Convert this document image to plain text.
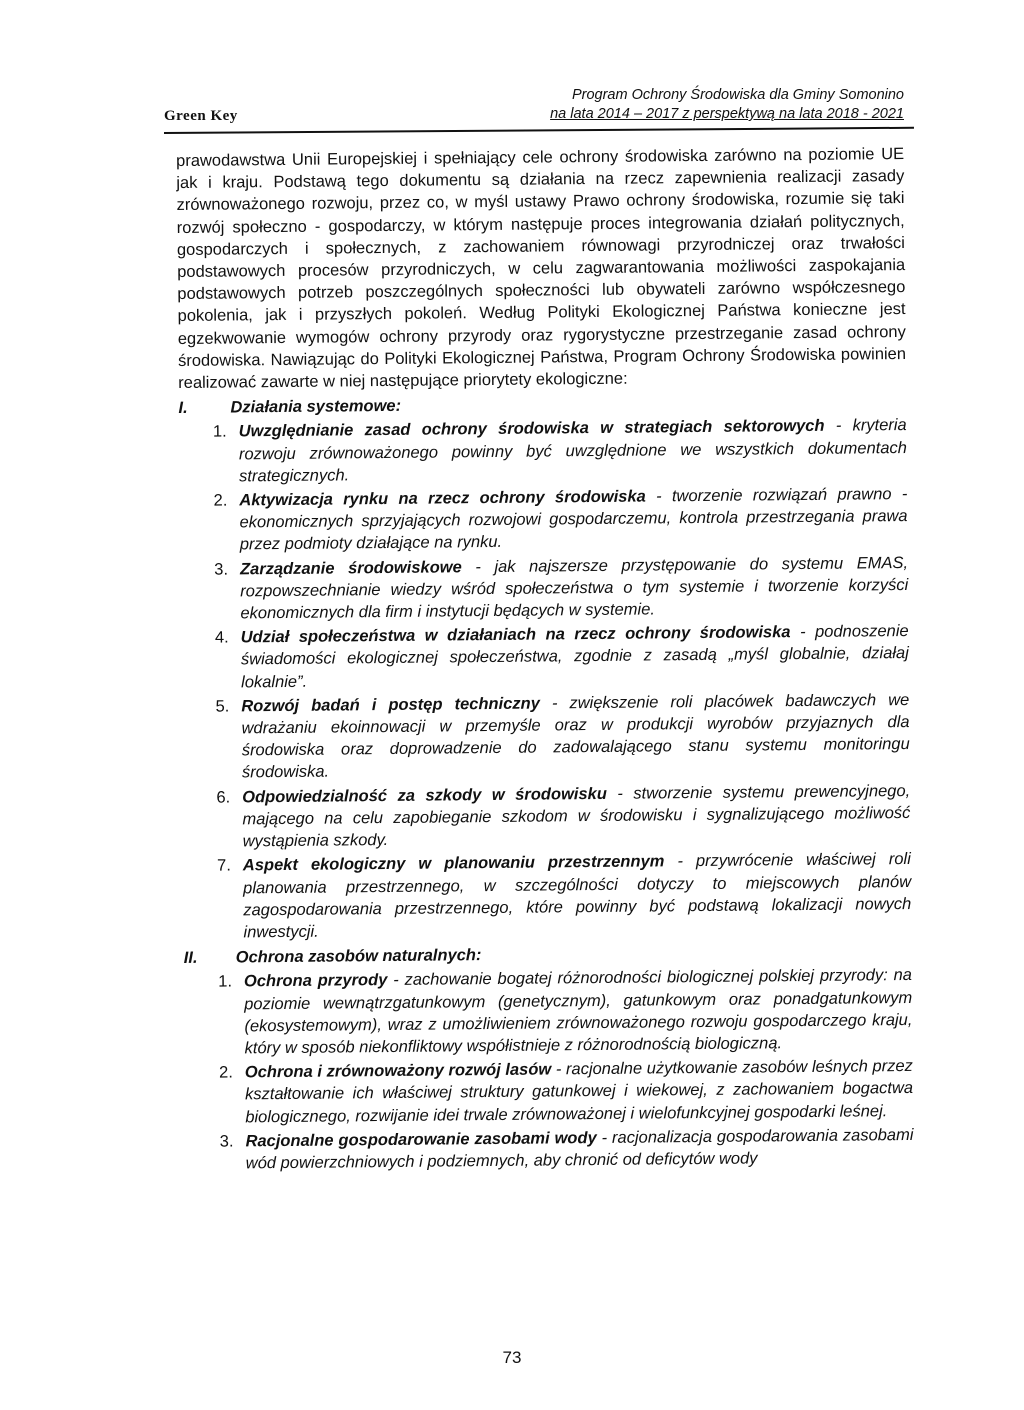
Green Key
Program Ochrony Środowiska dla Gminy Somonino
na lata 2014 – 2017 z perspektywą na lata 2018 - 2021

prawodawstwa Unii Europejskiej i spełniający cele ochrony środowiska zarówno na poziomie UE jak i kraju. Podstawą tego dokumentu są działania na rzecz zapewnienia realizacji zasady zrównoważonego rozwoju, przez co, w myśl ustawy Prawo ochrony środowiska, rozumie się taki rozwój społeczno - gospodarczy, w którym następuje proces integrowania działań politycznych, gospodarczych i społecznych, z zachowaniem równowagi przyrodniczej oraz trwałości podstawowych procesów przyrodniczych, w celu zagwarantowania możliwości zaspokajania podstawowych potrzeb poszczególnych społeczności lub obywateli zarówno współczesnego pokolenia, jak i przyszłych pokoleń. Według Polityki Ekologicznej Państwa konieczne jest egzekwowanie wymogów ochrony przyrody oraz rygorystyczne przestrzeganie zasad ochrony środowiska. Nawiązując do Polityki Ekologicznej Państwa, Program Ochrony Środowiska powinien realizować zawarte w niej następujące priorytety ekologiczne:

I.	Działania systemowe:
1. Uwzględnianie zasad ochrony środowiska w strategiach sektorowych - kryteria rozwoju zrównoważonego powinny być uwzględnione we wszystkich dokumentach strategicznych.
2. Aktywizacja rynku na rzecz ochrony środowiska - tworzenie rozwiązań prawno - ekonomicznych sprzyjających rozwojowi gospodarczemu, kontrola przestrzegania prawa przez podmioty działające na rynku.
3. Zarządzanie środowiskowe - jak najszersze przystępowanie do systemu EMAS, rozpowszechnianie wiedzy wśród społeczeństwa o tym systemie i tworzenie korzyści ekonomicznych dla firm i instytucji będących w systemie.
4. Udział społeczeństwa w działaniach na rzecz ochrony środowiska - podnoszenie świadomości ekologicznej społeczeństwa, zgodnie z zasadą „myśl globalnie, działaj lokalnie”.
5. Rozwój badań i postęp techniczny - zwiększenie roli placówek badawczych we wdrażaniu ekoinnowacji w przemyśle oraz w produkcji wyrobów przyjaznych dla środowiska oraz doprowadzenie do zadowalającego stanu systemu monitoringu środowiska.
6. Odpowiedzialność za szkody w środowisku - stworzenie systemu prewencyjnego, mającego na celu zapobieganie szkodom w środowisku i sygnalizującego możliwość wystąpienia szkody.
7. Aspekt ekologiczny w planowaniu przestrzennym - przywrócenie właściwej roli planowania przestrzennego, w szczególności dotyczy to miejscowych planów zagospodarowania przestrzennego, które powinny być podstawą lokalizacji nowych inwestycji.
II.	Ochrona zasobów naturalnych:
1. Ochrona przyrody - zachowanie bogatej różnorodności biologicznej polskiej przyrody: na poziomie wewnątrzgatunkowym (genetycznym), gatunkowym oraz ponadgatunkowym (ekosystemowym), wraz z umożliwieniem zrównoważonego rozwoju gospodarczego kraju, który w sposób niekonfliktowy współistnieje z różnorodnością biologiczną.
2. Ochrona i zrównoważony rozwój lasów - racjonalne użytkowanie zasobów leśnych przez kształtowanie ich właściwej struktury gatunkowej i wiekowej, z zachowaniem bogactwa biologicznego, rozwijanie idei trwale zrównoważonej i wielofunkcyjnej gospodarki leśnej.
3. Racjonalne gospodarowanie zasobami wody - racjonalizacja gospodarowania zasobami wód powierzchniowych i podziemnych, aby chronić od deficytów wody
73
